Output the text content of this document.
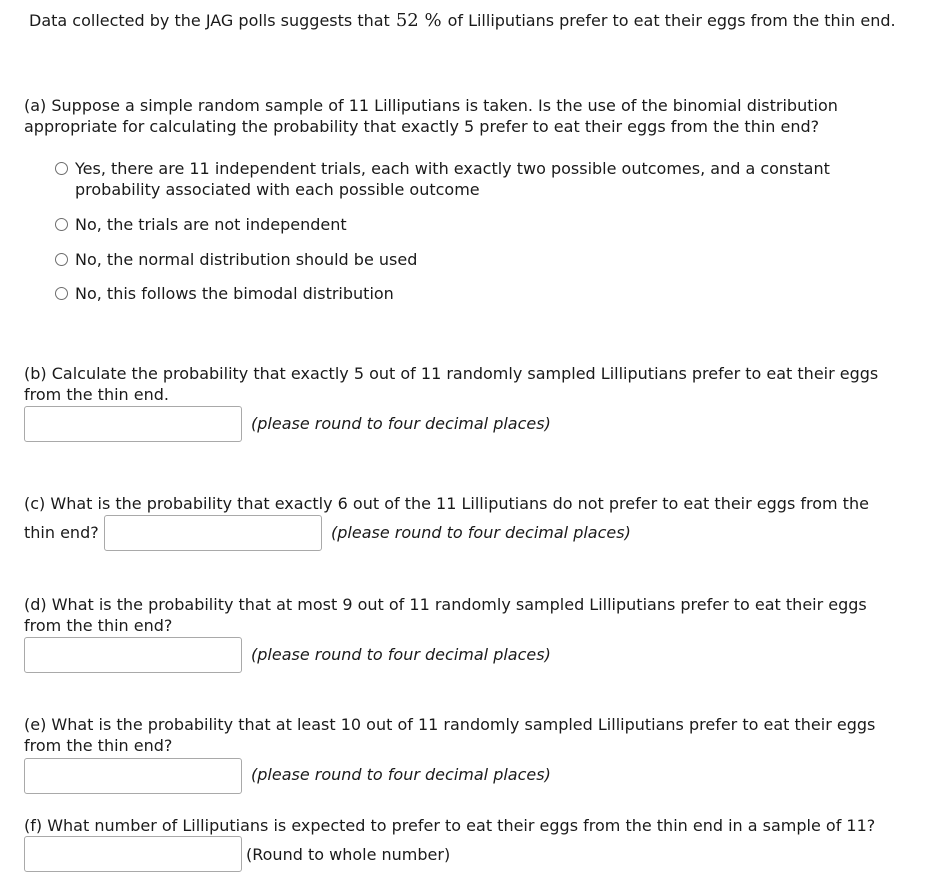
Data collected by the JAG polls suggests that 52 % of Lilliputians prefer to eat their eggs from the thin end.
(a) Suppose a simple random sample of 11 Lilliputians is taken. Is the use of the binomial distribution appropriate for calculating the probability that exactly 5 prefer to eat their eggs from the thin end?
Yes, there are 11 independent trials, each with exactly two possible outcomes, and a constant probability associated with each possible outcome
No, the trials are not independent
No, the normal distribution should be used
No, this follows the bimodal distribution
(b) Calculate the probability that exactly 5 out of 11 randomly sampled Lilliputians prefer to eat their eggs from the thin end.
(please round to four decimal places)
(c) What is the probability that exactly 6 out of the 11 Lilliputians do not prefer to eat their eggs from the
thin end?	(please round to four decimal places)
(d) What is the probability that at most 9 out of 11 randomly sampled Lilliputians prefer to eat their eggs from the thin end?
(please round to four decimal places)
(e) What is the probability that at least 10 out of 11 randomly sampled Lilliputians prefer to eat their eggs from the thin end?
(please round to four decimal places)
(f) What number of Lilliputians is expected to prefer to eat their eggs from the thin end in a sample of 11?
(Round to whole number)
